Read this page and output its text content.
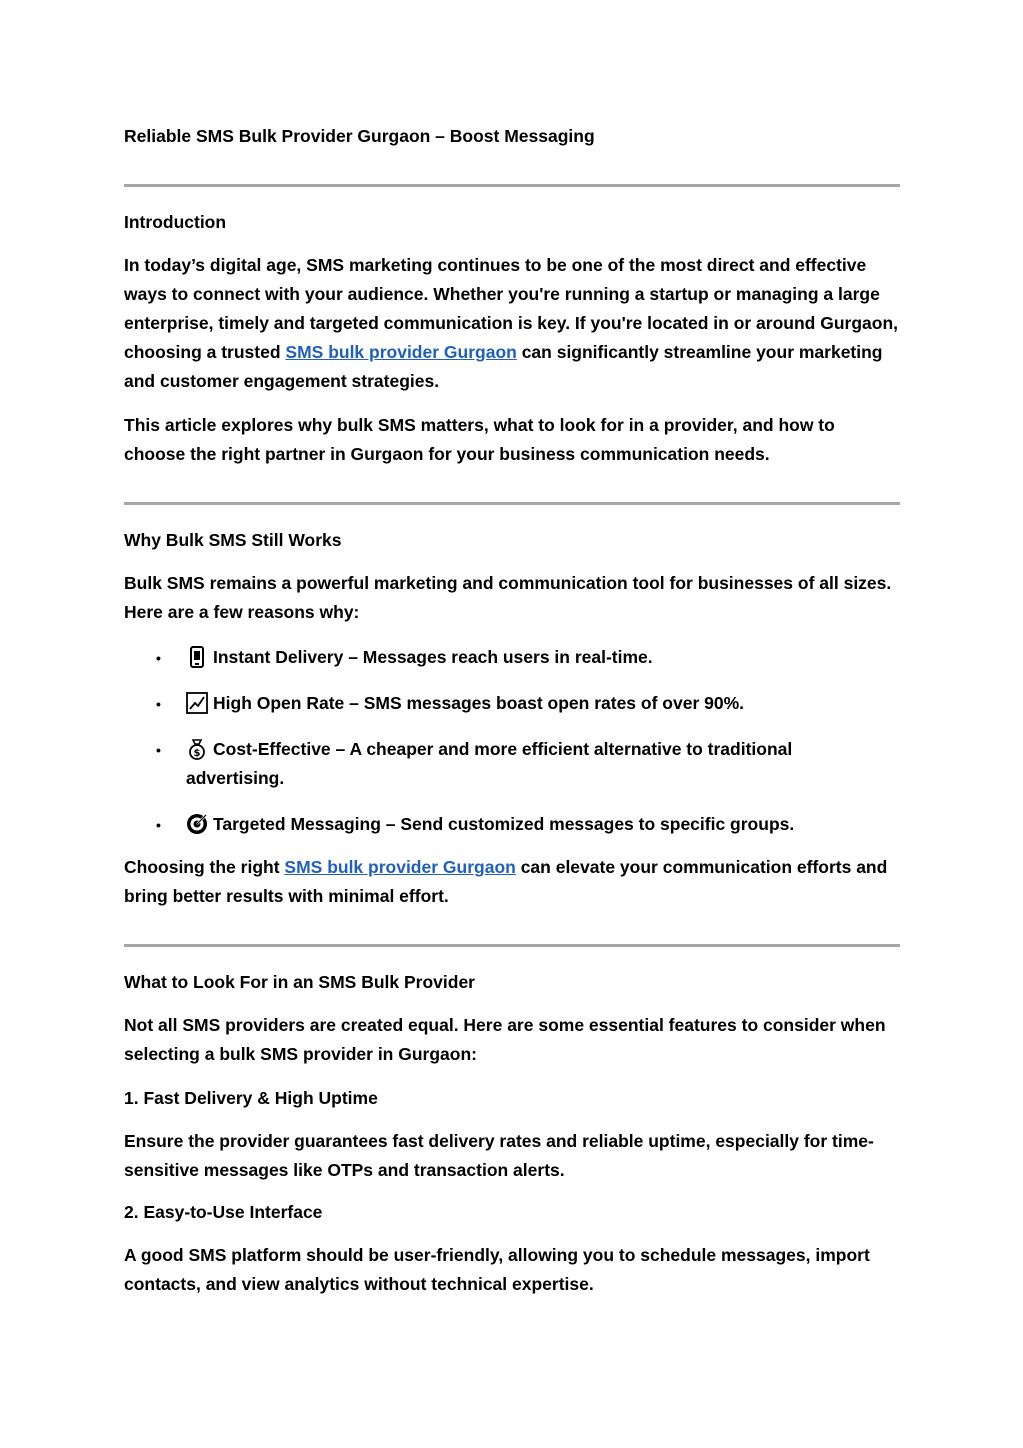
Reliable SMS Bulk Provider Gurgaon – Boost Messaging

Introduction

In today’s digital age, SMS marketing continues to be one of the most direct and effective ways to connect with your audience. Whether you're running a startup or managing a large enterprise, timely and targeted communication is key. If you're located in or around Gurgaon, choosing a trusted SMS bulk provider Gurgaon can significantly streamline your marketing and customer engagement strategies.

This article explores why bulk SMS matters, what to look for in a provider, and how to choose the right partner in Gurgaon for your business communication needs.

Why Bulk SMS Still Works

Bulk SMS remains a powerful marketing and communication tool for businesses of all sizes. Here are a few reasons why:

•	Instant Delivery – Messages reach users in real-time.
•	High Open Rate – SMS messages boast open rates of over 90%.
•	$ Cost-Effective – A cheaper and more efficient alternative to traditional advertising.
•	Targeted Messaging – Send customized messages to specific groups.

Choosing the right SMS bulk provider Gurgaon can elevate your communication efforts and bring better results with minimal effort.

What to Look For in an SMS Bulk Provider

Not all SMS providers are created equal. Here are some essential features to consider when selecting a bulk SMS provider in Gurgaon:

1. Fast Delivery & High Uptime

Ensure the provider guarantees fast delivery rates and reliable uptime, especially for time-sensitive messages like OTPs and transaction alerts.

2. Easy-to-Use Interface

A good SMS platform should be user-friendly, allowing you to schedule messages, import contacts, and view analytics without technical expertise.
